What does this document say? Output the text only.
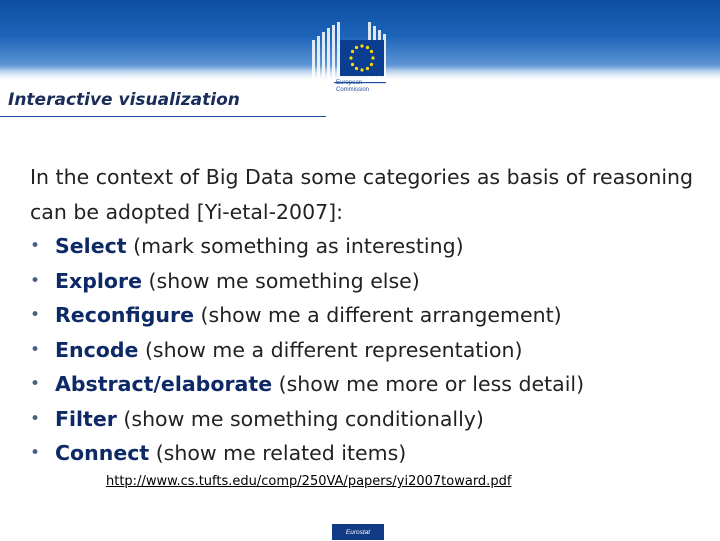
European
Commission
Interactive visualization

In the context of Big Data some categories as basis of reasoning can be adopted [Yi-etal-2007]:

• Select (mark something as interesting)
• Explore (show me something else)
• Reconfigure (show me a different arrangement)
• Encode (show me a different representation)
• Abstract/elaborate (show me more or less detail)
• Filter (show me something conditionally)
• Connect (show me related items)
http://www.cs.tufts.edu/comp/250VA/papers/yi2007toward.pdf
Eurostat
